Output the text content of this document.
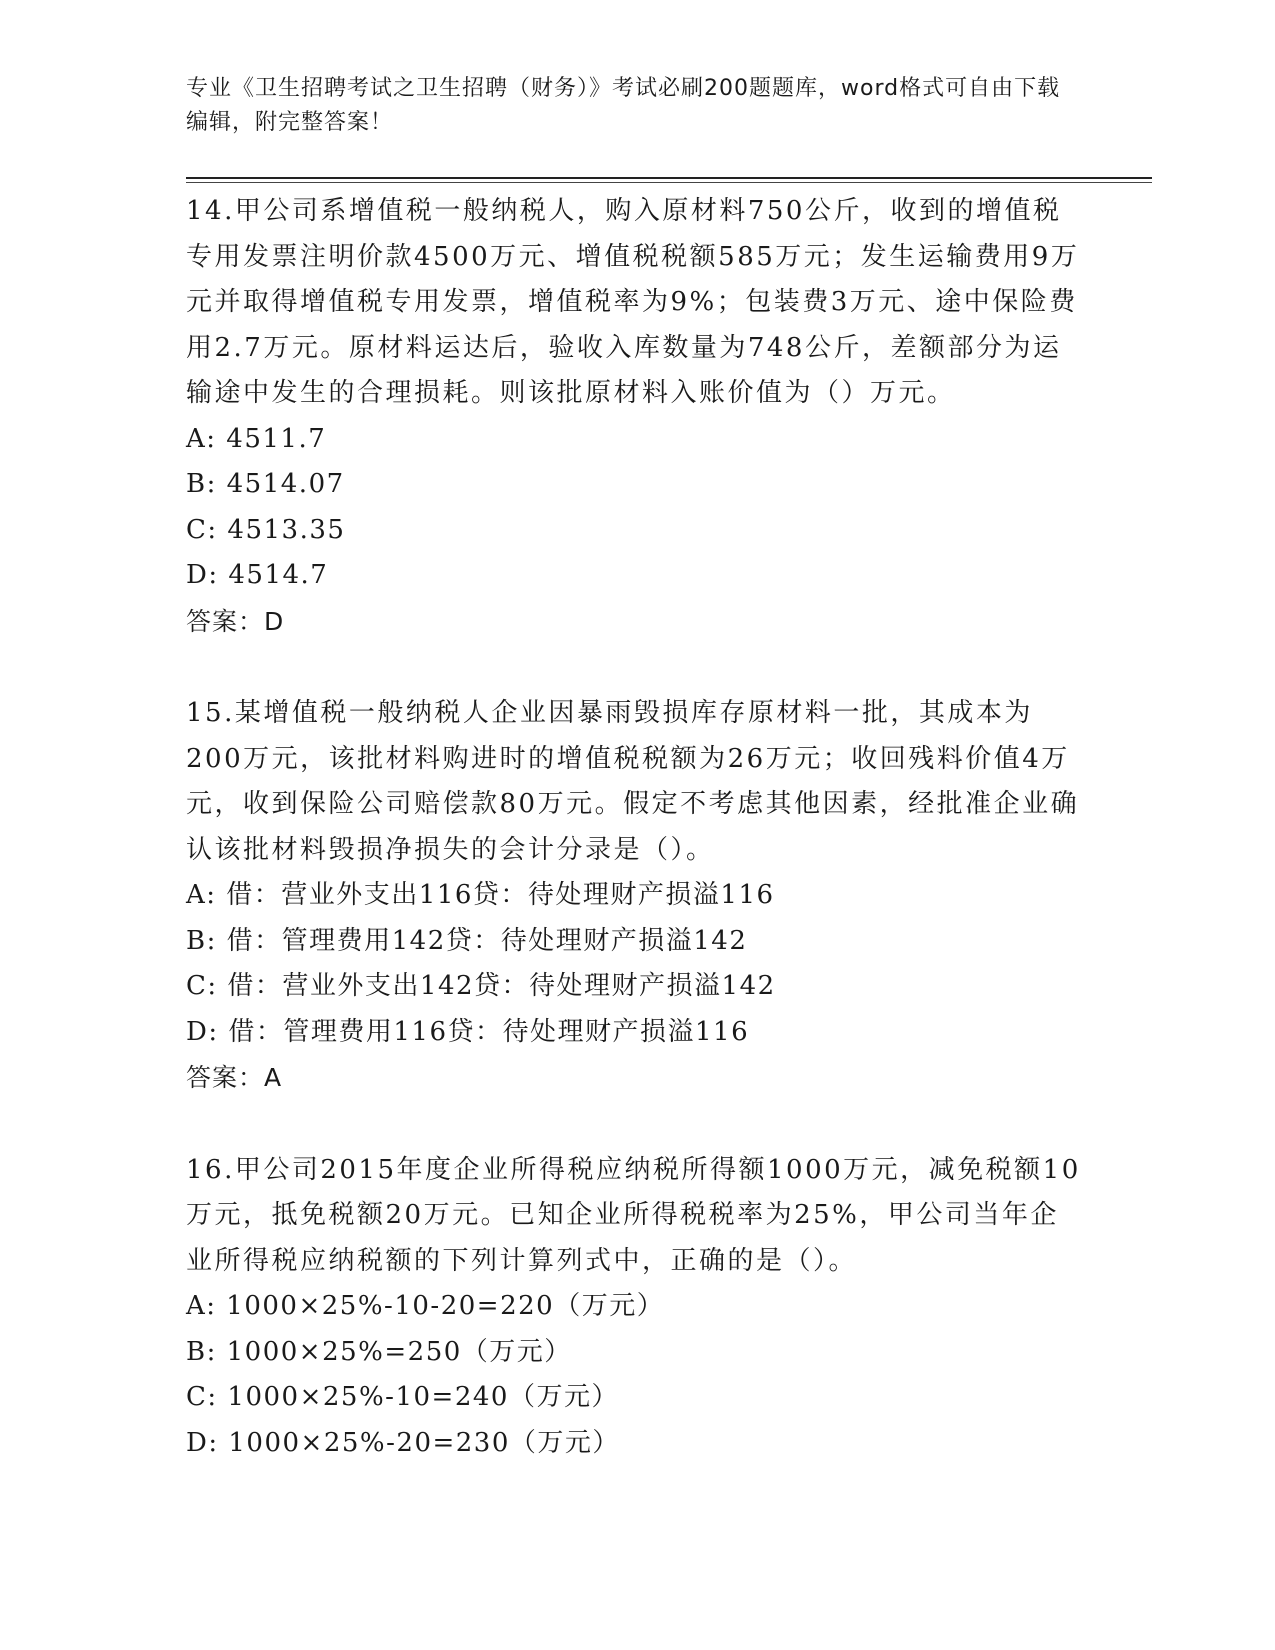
专业《卫生招聘考试之卫生招聘（财务）》考试必刷200题题库，word格式可自由下载编辑，附完整答案！

14.甲公司系增值税一般纳税人，购入原材料750公斤，收到的增值税专用发票注明价款4500万元、增值税税额585万元；发生运输费用9万元并取得增值税专用发票，增值税率为9%；包装费3万元、途中保险费用2.7万元。原材料运达后，验收入库数量为748公斤，差额部分为运输途中发生的合理损耗。则该批原材料入账价值为（）万元。

A: 4511.7

B: 4514.07

C: 4513.35

D: 4514.7

答案：D

15.某增值税一般纳税人企业因暴雨毁损库存原材料一批，其成本为200万元，该批材料购进时的增值税税额为26万元；收回残料价值4万元，收到保险公司赔偿款80万元。假定不考虑其他因素，经批准企业确认该批材料毁损净损失的会计分录是（）。

A: 借：营业外支出116贷：待处理财产损溢116

B: 借：管理费用142贷：待处理财产损溢142

C: 借：营业外支出142贷：待处理财产损溢142

D: 借：管理费用116贷：待处理财产损溢116

答案：A

16.甲公司2015年度企业所得税应纳税所得额1000万元，减免税额10万元，抵免税额20万元。已知企业所得税税率为25%，甲公司当年企业所得税应纳税额的下列计算列式中，正确的是（）。

A: 1000×25%-10-20=220（万元）

B: 1000×25%=250（万元）

C: 1000×25%-10=240（万元）

D: 1000×25%-20=230（万元）
